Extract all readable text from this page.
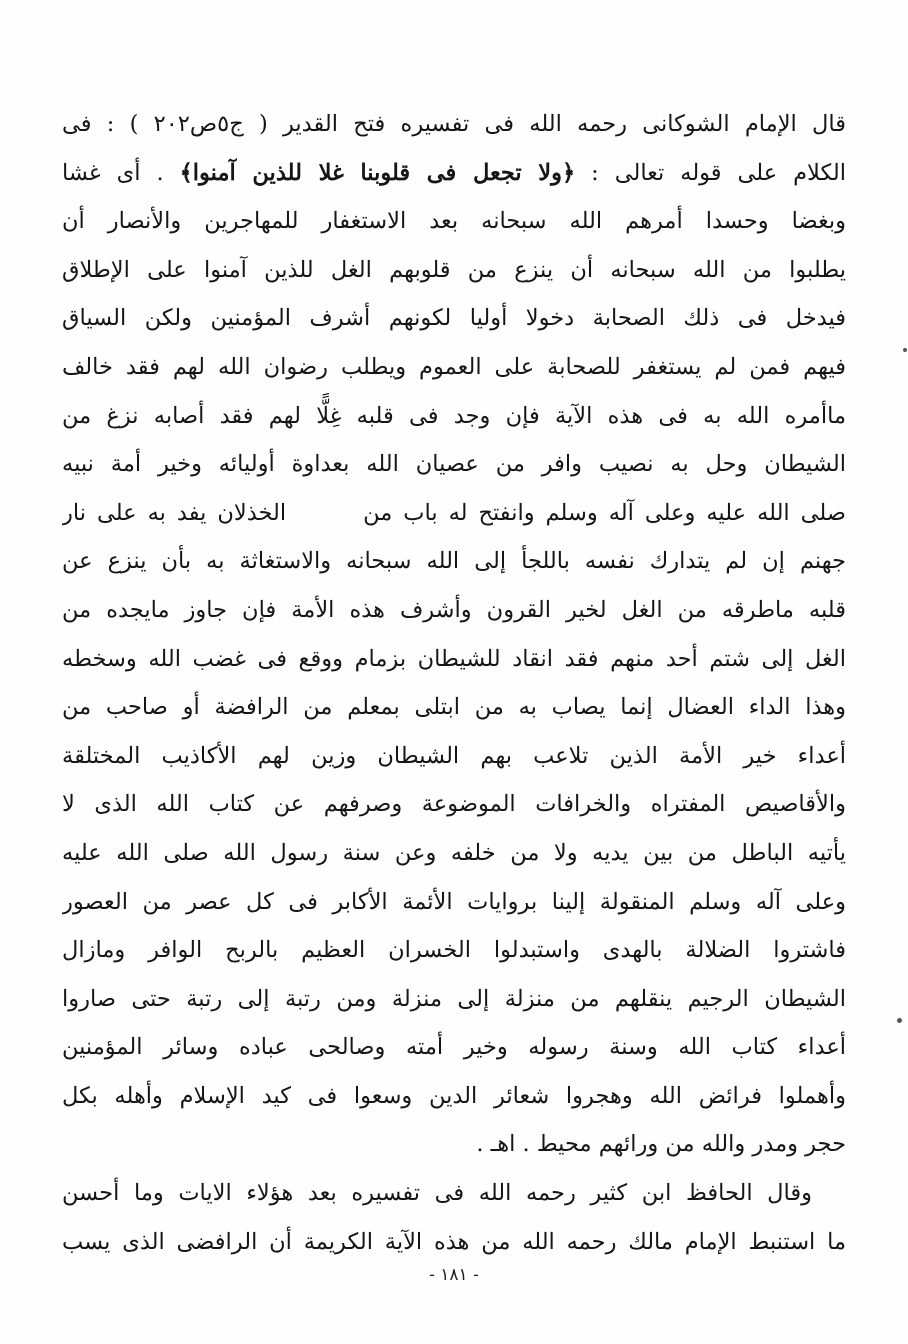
قال الإمام الشوكانى رحمه الله فى تفسيره فتح القدير ( ج٥ص٢٠٢ ) : فى
الكلام على قوله تعالى : ﴿ولا تجعل فى قلوبنا غلا للذين آمنوا﴾ . أى غشا
وبغضا وحسدا أمرهم الله سبحانه بعد الاستغفار للمهاجرين والأنصار أن
يطلبوا من الله سبحانه أن ينزع من قلوبهم الغل للذين آمنوا على الإطلاق
فيدخل فى ذلك الصحابة دخولا أوليا لكونهم أشرف المؤمنين ولكن السياق
فيهم فمن لم يستغفر للصحابة على العموم ويطلب رضوان الله لهم فقد خالف
ماأمره الله به فى هذه الآية فإن وجد فى قلبه غِلًّا لهم فقد أصابه نزغ من
الشيطان وحل به نصيب وافر من عصيان الله بعداوة أوليائه وخير أمة نبيه
صلى الله عليه وعلى آله وسلم وانفتح له باب من       الخذلان يفد به على نار
جهنم إن لم يتدارك نفسه باللجأ إلى الله سبحانه والاستغاثة به بأن ينزع عن
قلبه ماطرقه من الغل لخير القرون وأشرف هذه الأمة فإن جاوز مايجده من
الغل إلى شتم أحد منهم فقد انقاد للشيطان بزمام ووقع فى غضب الله وسخطه
وهذا الداء العضال إنما يصاب به من ابتلى بمعلم من الرافضة أو صاحب من
أعداء خير الأمة الذين تلاعب بهم الشيطان وزين لهم الأكاذيب المختلقة
والأقاصيص المفتراه والخرافات الموضوعة وصرفهم عن كتاب الله الذى لا
يأتيه الباطل من بين يديه ولا من خلفه وعن سنة رسول الله صلى الله عليه
وعلى آله وسلم المنقولة إلينا بروايات الأئمة الأكابر فى كل عصر من العصور
فاشتروا الضلالة بالهدى واستبدلوا الخسران العظيم بالربح الوافر ومازال
الشيطان الرجيم ينقلهم من منزلة إلى منزلة ومن رتبة إلى رتبة حتى صاروا
أعداء كتاب الله وسنة رسوله وخير أمته وصالحى عباده وسائر المؤمنين
وأهملوا فرائض الله وهجروا شعائر الدين وسعوا فى كيد الإسلام وأهله بكل
حجر ومدر والله من ورائهم محيط . اهـ .
وقال الحافظ ابن كثير رحمه الله فى تفسيره بعد هؤلاء الايات وما أحسن
ما استنبط الإمام مالك رحمه الله من هذه الآية الكريمة أن الرافضى الذى يسب
- ١٨١ -
